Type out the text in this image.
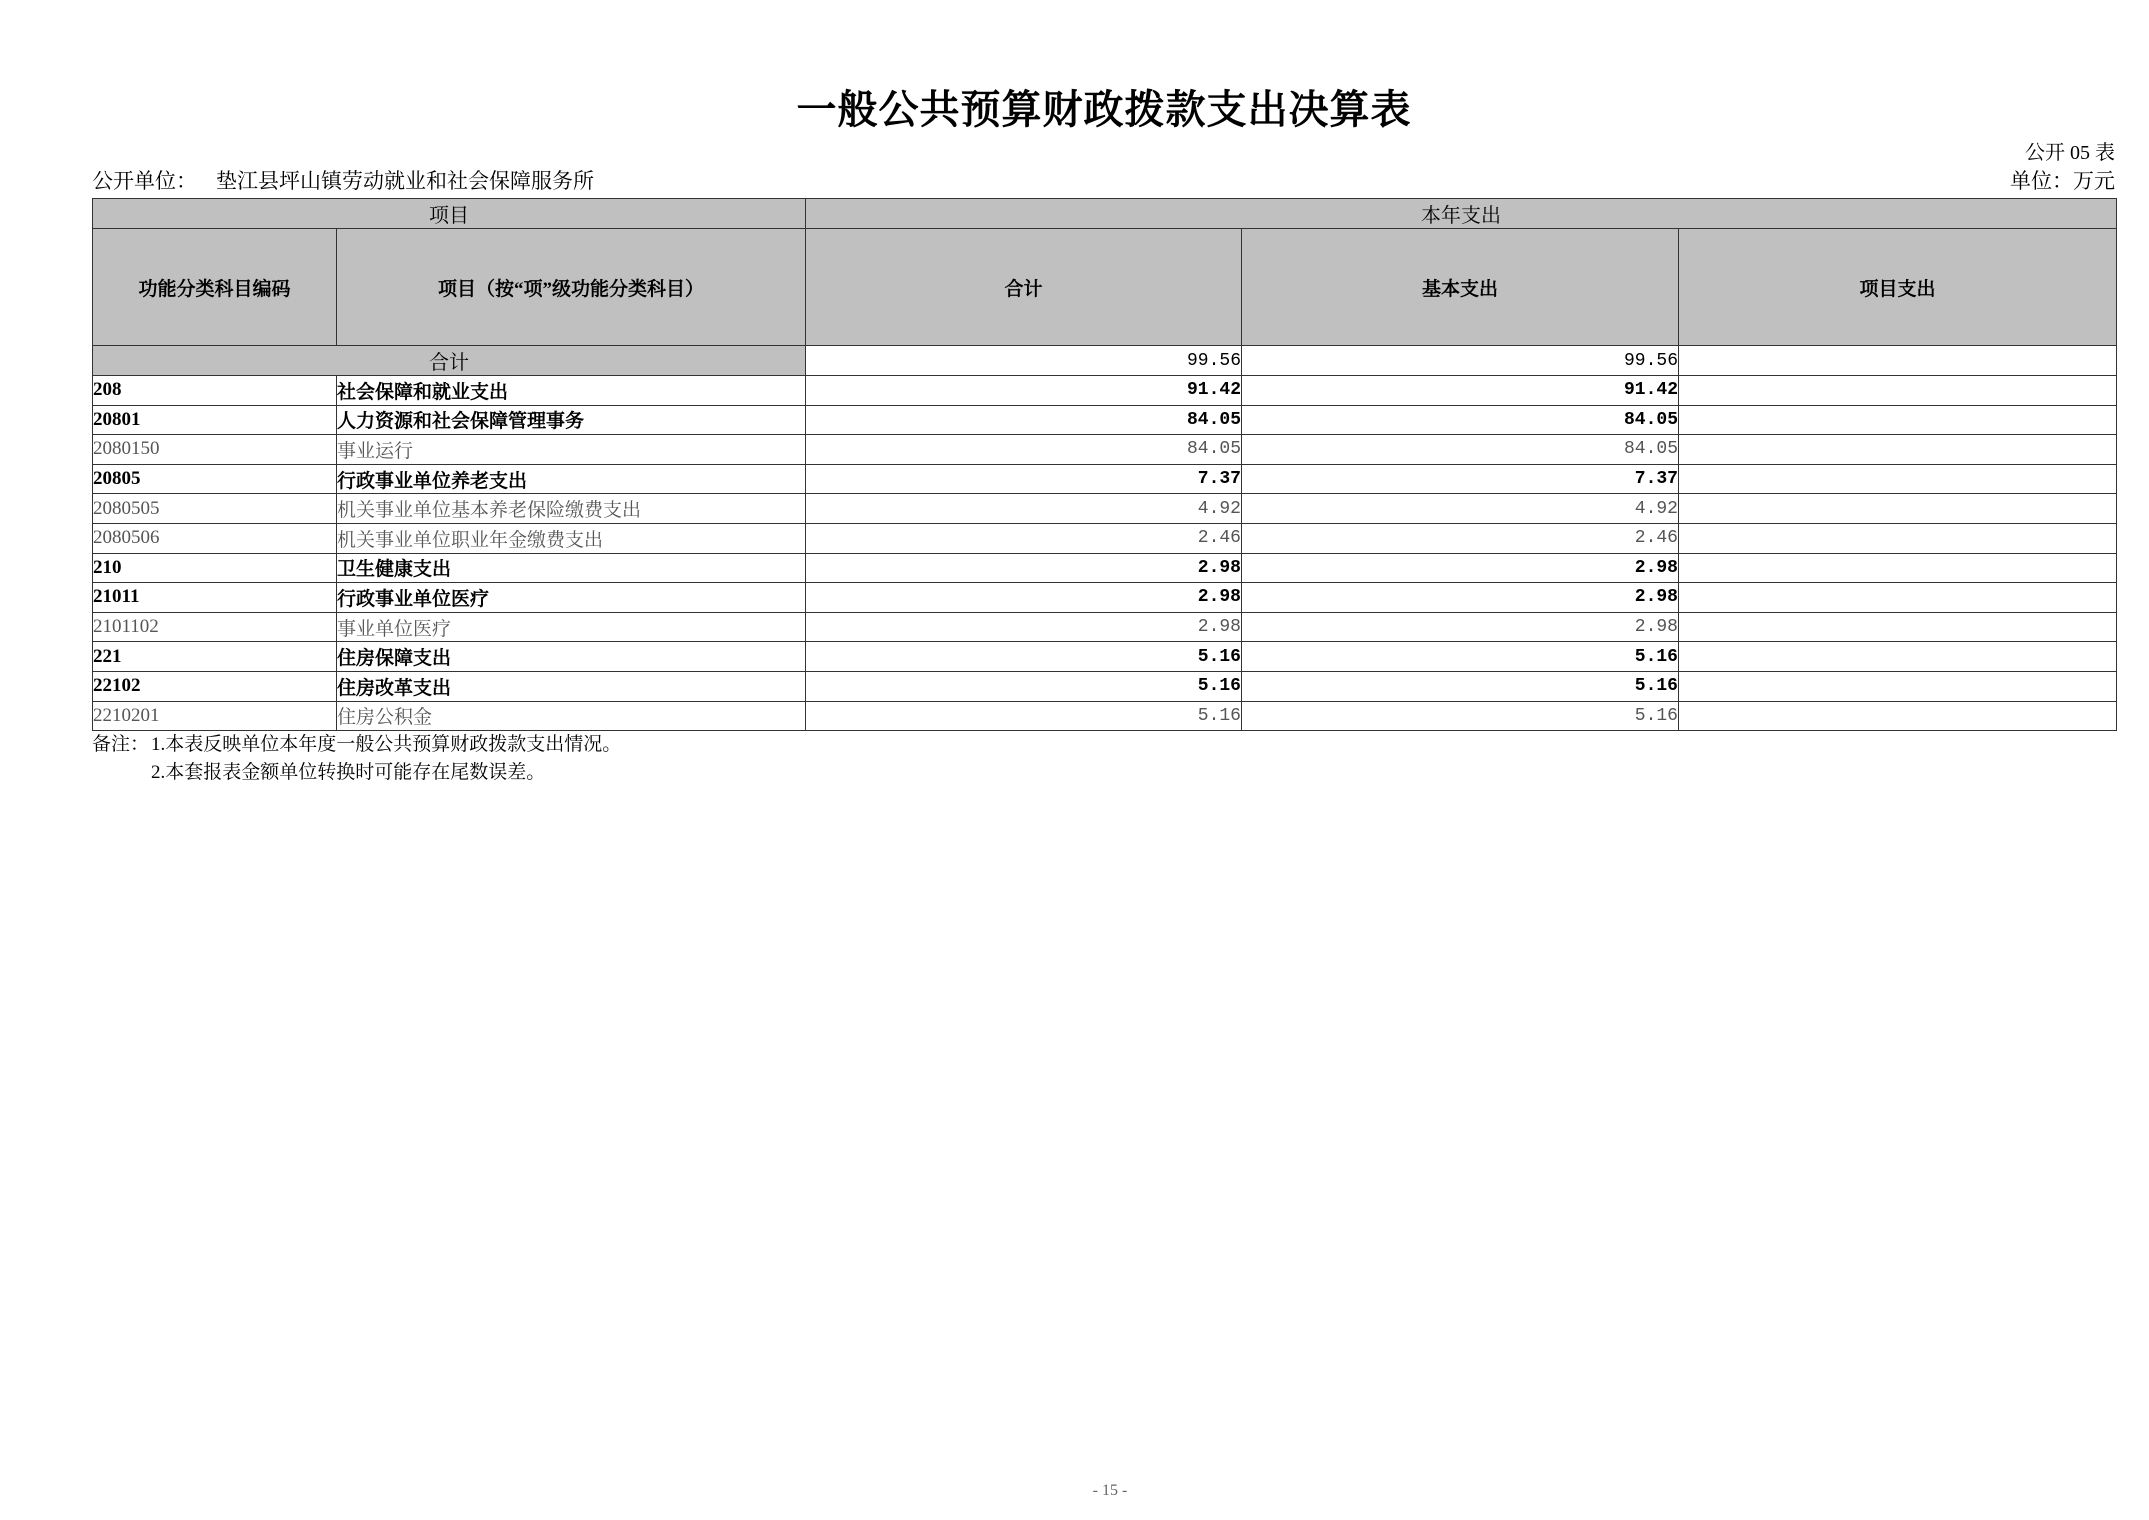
一般公共预算财政拨款支出决算表
公开 05 表
公开单位： 垫江县坪山镇劳动就业和社会保障服务所	单位：万元
项目		本年支出		
功能分类科目编码	项目（按“项”级功能分类科目）	合计	基本支出	项目支出
合计		99.56	99.56	
208	社会保障和就业支出	91.42	91.42	
20801	人力资源和社会保障管理事务	84.05	84.05	
2080150	事业运行	84.05	84.05	
20805	行政事业单位养老支出	7.37	7.37	
2080505	机关事业单位基本养老保险缴费支出	4.92	4.92	
2080506	机关事业单位职业年金缴费支出	2.46	2.46	
210	卫生健康支出	2.98	2.98	
21011	行政事业单位医疗	2.98	2.98	
2101102	事业单位医疗	2.98	2.98	
221	住房保障支出	5.16	5.16	
22102	住房改革支出	5.16	5.16	
2210201	住房公积金	5.16	5.16	
备注： 1.本表反映单位本年度一般公共预算财政拨款支出情况。
2.本套报表金额单位转换时可能存在尾数误差。
- 15 -
